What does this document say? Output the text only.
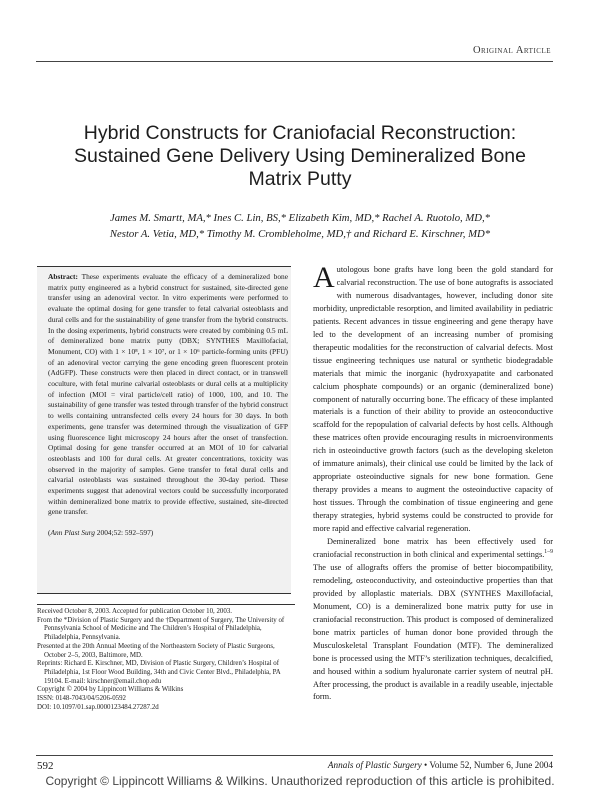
Original Article
Hybrid Constructs for Craniofacial Reconstruction: Sustained Gene Delivery Using Demineralized Bone Matrix Putty
James M. Smartt, MA,* Ines C. Lin, BS,* Elizabeth Kim, MD,* Rachel A. Ruotolo, MD,*
Nestor A. Vetia, MD,* Timothy M. Crombleholme, MD,† and Richard E. Kirschner, MD*

Abstract: These experiments evaluate the efficacy of a demineralized bone matrix putty engineered as a hybrid construct for sustained, site-directed gene transfer using an adenoviral vector. In vitro experiments were performed to evaluate the optimal dosing for gene transfer to fetal calvarial osteoblasts and dural cells and for the sustainability of gene transfer from the hybrid constructs. In the dosing experiments, hybrid constructs were created by combining 0.5 mL of demineralized bone matrix putty (DBX; SYNTHES Maxillofacial, Monument, CO) with 1 × 10⁸, 1 × 10⁷, or 1 × 10⁶ particle-forming units (PFU) of an adenoviral vector carrying the gene encoding green fluorescent protein (AdGFP). These constructs were then placed in direct contact, or in transwell coculture, with fetal murine calvarial osteoblasts or dural cells at a multiplicity of infection (MOI = viral particle/cell ratio) of 1000, 100, and 10. The sustainability of gene transfer was tested through transfer of the hybrid construct to wells containing untransfected cells every 24 hours for 30 days. In both experiments, gene transfer was determined through the visualization of GFP using fluorescence light microscopy 24 hours after the onset of transfection. Optimal dosing for gene transfer occurred at an MOI of 10 for calvarial osteoblasts and 100 for dural cells. At greater concentrations, toxicity was observed in the majority of samples. Gene transfer to fetal dural cells and calvarial osteoblasts was sustained throughout the 30-day period. These experiments suggest that adenoviral vectors could be successfully incorporated within demineralized bone matrix to provide effective, sustained, site-directed gene transfer.

(Ann Plast Surg 2004;52: 592–597)

Received October 8, 2003. Accepted for publication October 10, 2003.
From the *Division of Plastic Surgery and the †Department of Surgery, The University of Pennsylvania School of Medicine and The Children’s Hospital of Philadelphia, Philadelphia, Pennsylvania.
Presented at the 20th Annual Meeting of the Northeastern Society of Plastic Surgeons, October 2–5, 2003, Baltimore, MD.
Reprints: Richard E. Kirschner, MD, Division of Plastic Surgery, Children’s Hospital of Philadelphia, 1st Floor Wood Building, 34th and Civic Center Blvd., Philadelphia, PA 19104. E-mail: kirschner@email.chop.edu
Copyright © 2004 by Lippincott Williams & Wilkins
ISSN: 0148-7043/04/5206-0592
DOI: 10.1097/01.sap.0000123484.27287.2d

Autologous bone grafts have long been the gold standard for calvarial reconstruction. The use of bone autografts is associated with numerous disadvantages, however, including donor site morbidity, unpredictable resorption, and limited availability in pediatric patients. Recent advances in tissue engineering and gene therapy have led to the development of an increasing number of promising therapeutic modalities for the reconstruction of calvarial defects. Most tissue engineering techniques use natural or synthetic biodegradable materials that mimic the inorganic (hydroxyapatite and carbonated calcium phosphate compounds) or an organic (demineralized bone) component of naturally occurring bone. The efficacy of these implanted materials is a function of their ability to provide an osteoconductive scaffold for the repopulation of calvarial defects by host cells. Although these matrices often provide encouraging results in microenvironments rich in osteoinductive growth factors (such as the developing skeleton of immature animals), their clinical use could be limited by the lack of appropriate osteoinductive signals for new bone formation. Gene therapy provides a means to augment the osteoinductive capacity of host tissues. Through the combination of tissue engineering and gene therapy strategies, hybrid systems could be constructed to provide for more rapid and effective calvarial regeneration.

Demineralized bone matrix has been effectively used for craniofacial reconstruction in both clinical and experimental settings.$^{1-9}$ The use of allografts offers the promise of better biocompatibility, remodeling, osteoconductivity, and osteoinductive properties than that provided by alloplastic materials. DBX (SYNTHES Maxillofacial, Monument, CO) is a demineralized bone matrix putty for use in craniofacial reconstruction. This product is composed of demineralized bone matrix particles of human donor bone provided through the Musculoskeletal Transplant Foundation (MTF). The demineralized bone is processed using the MTF’s sterilization techniques, decalcified, and housed within a sodium hyaluronate carrier system of neutral pH. After processing, the product is available in a readily useable, injectable form.

592	Annals of Plastic Surgery • Volume 52, Number 6, June 2004
Copyright © Lippincott Williams & Wilkins. Unauthorized reproduction of this article is prohibited.
